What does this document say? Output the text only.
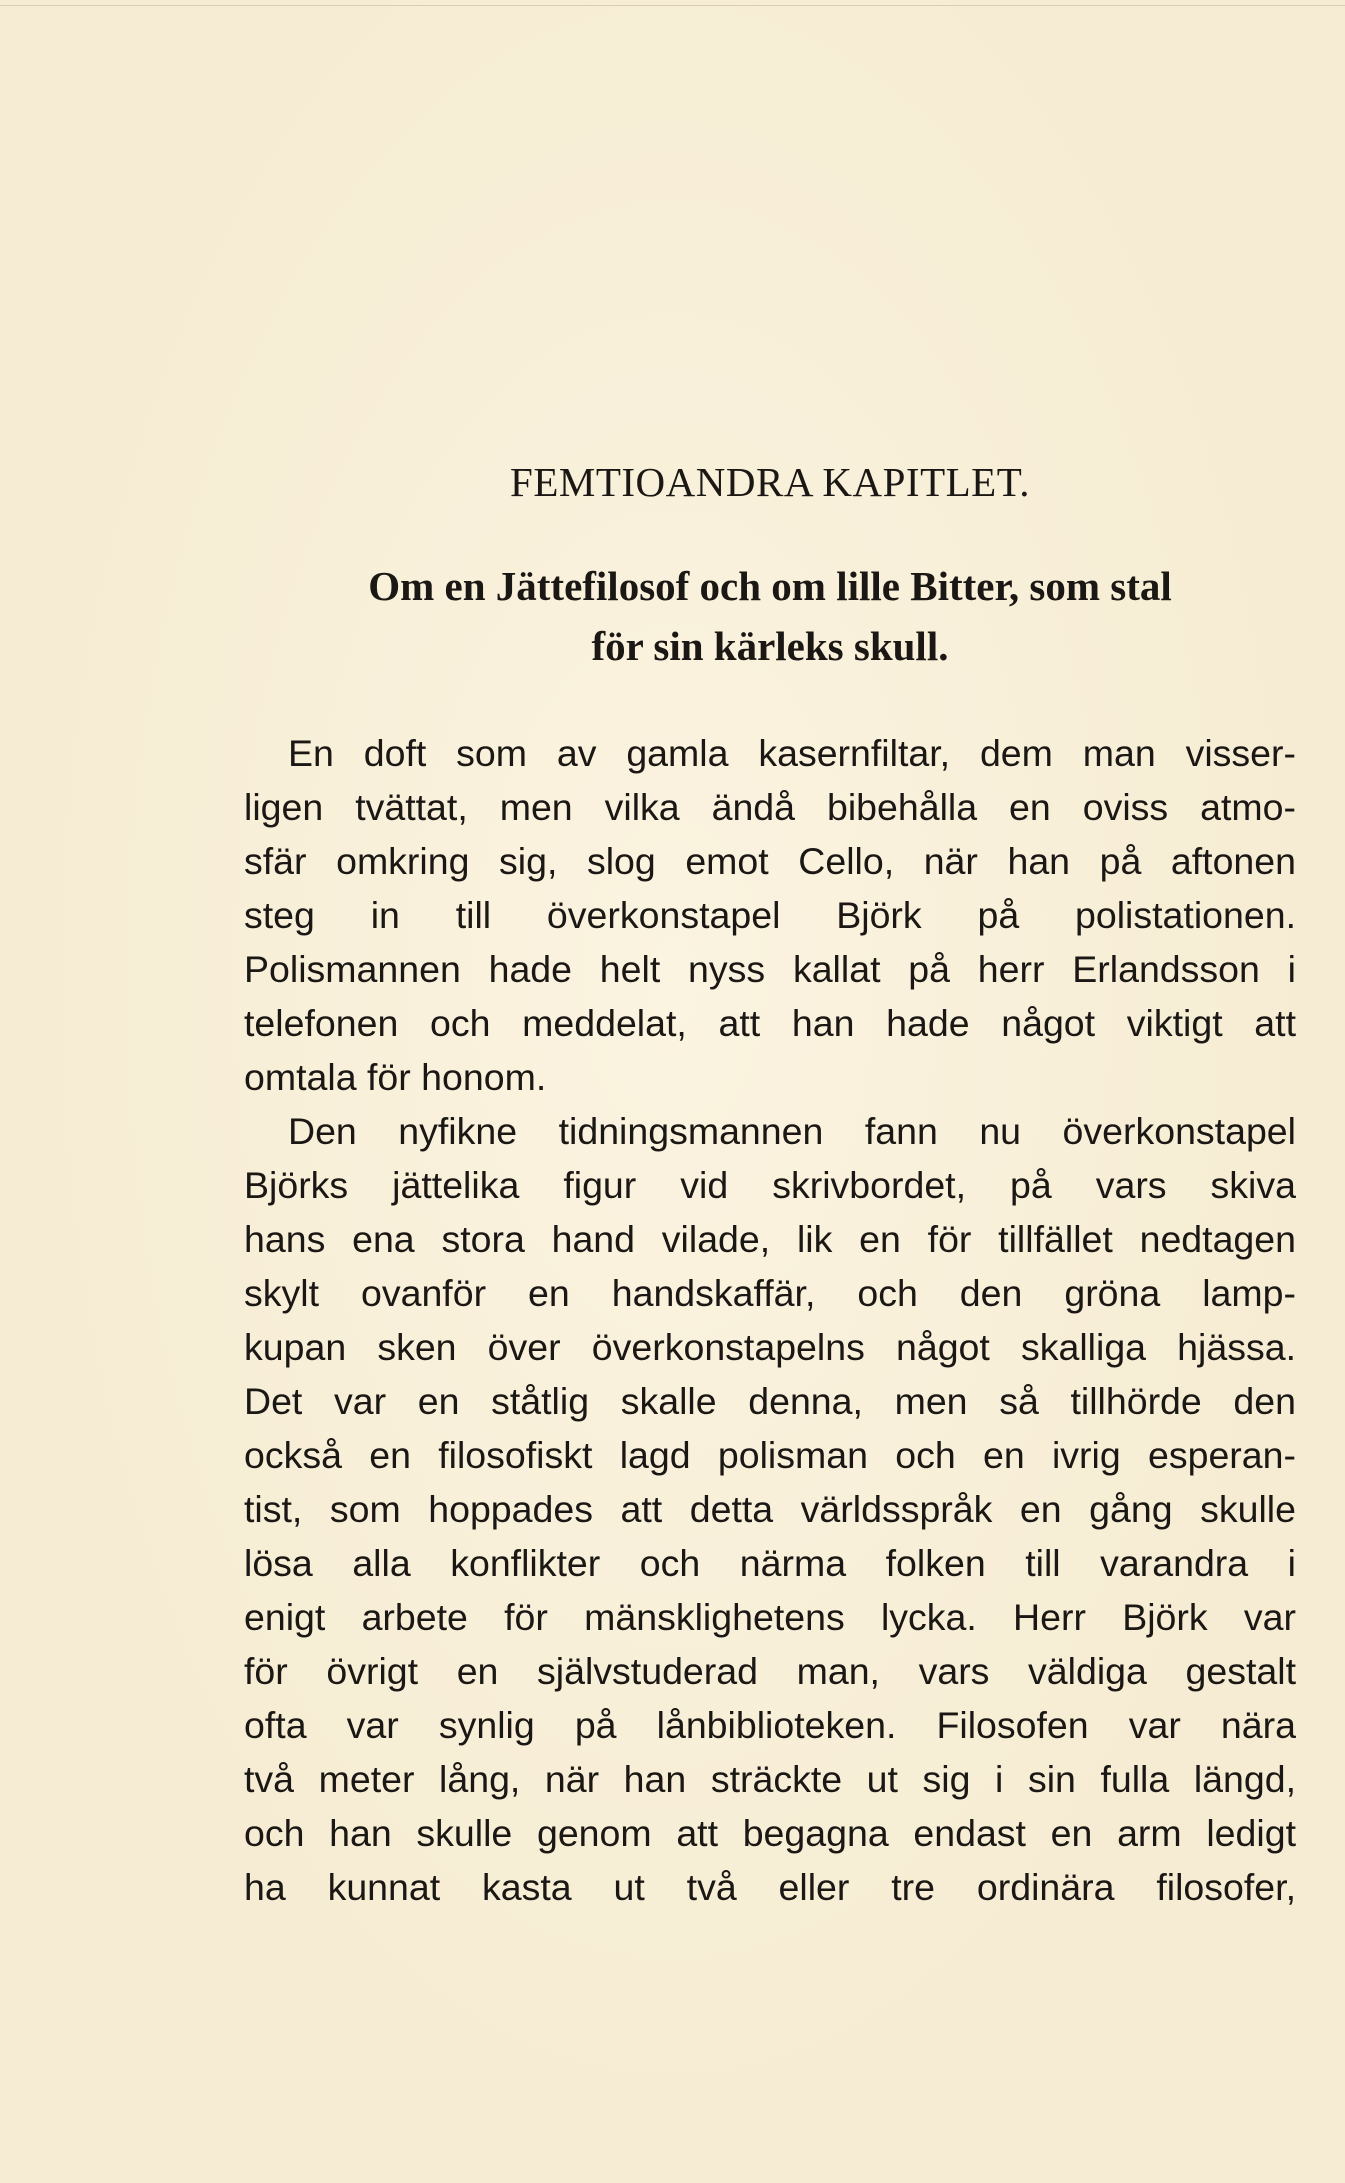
FEMTIOANDRA KAPITLET.
Om en Jättefilosof och om lille Bitter, som stal
för sin kärleks skull.
En doft som av gamla kasernfiltar, dem man visser-
ligen tvättat, men vilka ändå bibehålla en oviss atmo-
sfär omkring sig, slog emot Cello, när han på aftonen
steg in till överkonstapel Björk på polistationen.
Polismannen hade helt nyss kallat på herr Erlandsson i
telefonen och meddelat, att han hade något viktigt att
omtala för honom.
Den nyfikne tidningsmannen fann nu överkonstapel
Björks jättelika figur vid skrivbordet, på vars skiva
hans ena stora hand vilade, lik en för tillfället nedtagen
skylt ovanför en handskaffär, och den gröna lamp-
kupan sken över överkonstapelns något skalliga hjässa.
Det var en ståtlig skalle denna, men så tillhörde den
också en filosofiskt lagd polisman och en ivrig esperan-
tist, som hoppades att detta världsspråk en gång skulle
lösa alla konflikter och närma folken till varandra i
enigt arbete för mänsklighetens lycka. Herr Björk var
för övrigt en självstuderad man, vars väldiga gestalt
ofta var synlig på lånbiblioteken. Filosofen var nära
två meter lång, när han sträckte ut sig i sin fulla längd,
och han skulle genom att begagna endast en arm ledigt
ha kunnat kasta ut två eller tre ordinära filosofer,
